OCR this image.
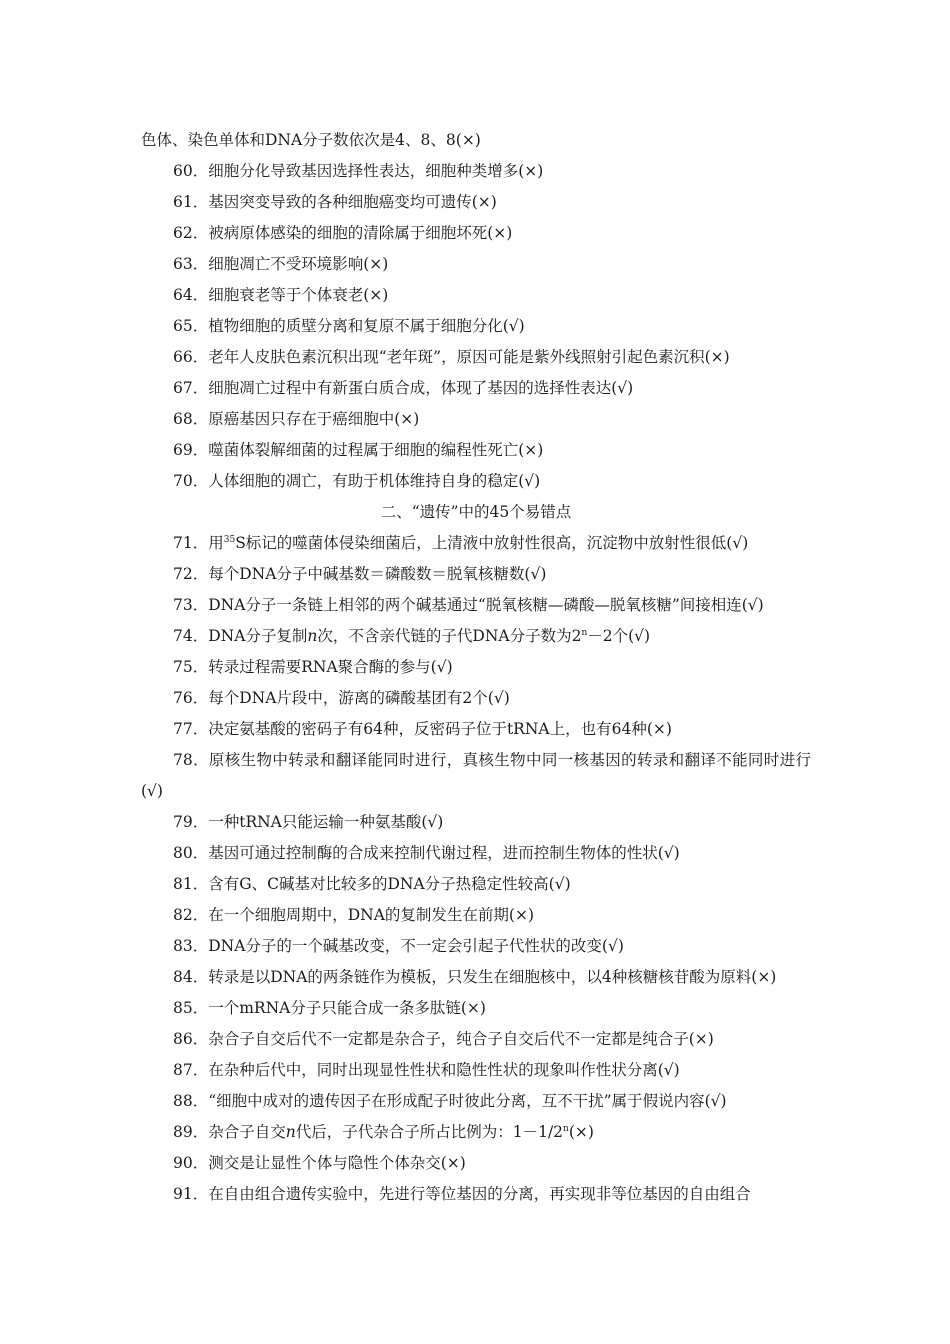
色体、染色单体和DNA分子数依次是4、8、8(×)
60．细胞分化导致基因选择性表达，细胞种类增多(×)
61．基因突变导致的各种细胞癌变均可遗传(×)
62．被病原体感染的细胞的清除属于细胞坏死(×)
63．细胞凋亡不受环境影响(×)
64．细胞衰老等于个体衰老(×)
65．植物细胞的质壁分离和复原不属于细胞分化(√)
66．老年人皮肤色素沉积出现“老年斑”，原因可能是紫外线照射引起色素沉积(×)
67．细胞凋亡过程中有新蛋白质合成，体现了基因的选择性表达(√)
68．原癌基因只存在于癌细胞中(×)
69．噬菌体裂解细菌的过程属于细胞的编程性死亡(×)
70．人体细胞的凋亡，有助于机体维持自身的稳定(√)
二、“遗传”中的45个易错点
71．用$^{35}$S标记的噬菌体侵染细菌后，上清液中放射性很高，沉淀物中放射性很低(√)
72．每个DNA分子中碱基数＝磷酸数＝脱氧核糖数(√)
73．DNA分子一条链上相邻的两个碱基通过“脱氧核糖—磷酸—脱氧核糖”间接相连(√)
74．DNA分子复制n次，不含亲代链的子代DNA分子数为$2^n-2$个(√)
75．转录过程需要RNA聚合酶的参与(√)
76．每个DNA片段中，游离的磷酸基团有2个(√)
77．决定氨基酸的密码子有64种，反密码子位于tRNA上，也有64种(×)
78．原核生物中转录和翻译能同时进行，真核生物中同一核基因的转录和翻译不能同时进行(√)
79．一种tRNA只能运输一种氨基酸(√)
80．基因可通过控制酶的合成来控制代谢过程，进而控制生物体的性状(√)
81．含有G、C碱基对比较多的DNA分子热稳定性较高(√)
82．在一个细胞周期中，DNA的复制发生在前期(×)
83．DNA分子的一个碱基改变，不一定会引起子代性状的改变(√)
84．转录是以DNA的两条链作为模板，只发生在细胞核中，以4种核糖核苷酸为原料(×)
85．一个mRNA分子只能合成一条多肽链(×)
86．杂合子自交后代不一定都是杂合子，纯合子自交后代不一定都是纯合子(×)
87．在杂种后代中，同时出现显性性状和隐性性状的现象叫作性状分离(√)
88．“细胞中成对的遗传因子在形成配子时彼此分离，互不干扰”属于假说内容(√)
89．杂合子自交n代后，子代杂合子所占比例为：$1-1/2^n(\times)$
90．测交是让显性个体与隐性个体杂交(×)
91．在自由组合遗传实验中，先进行等位基因的分离，再实现非等位基因的自由组合
